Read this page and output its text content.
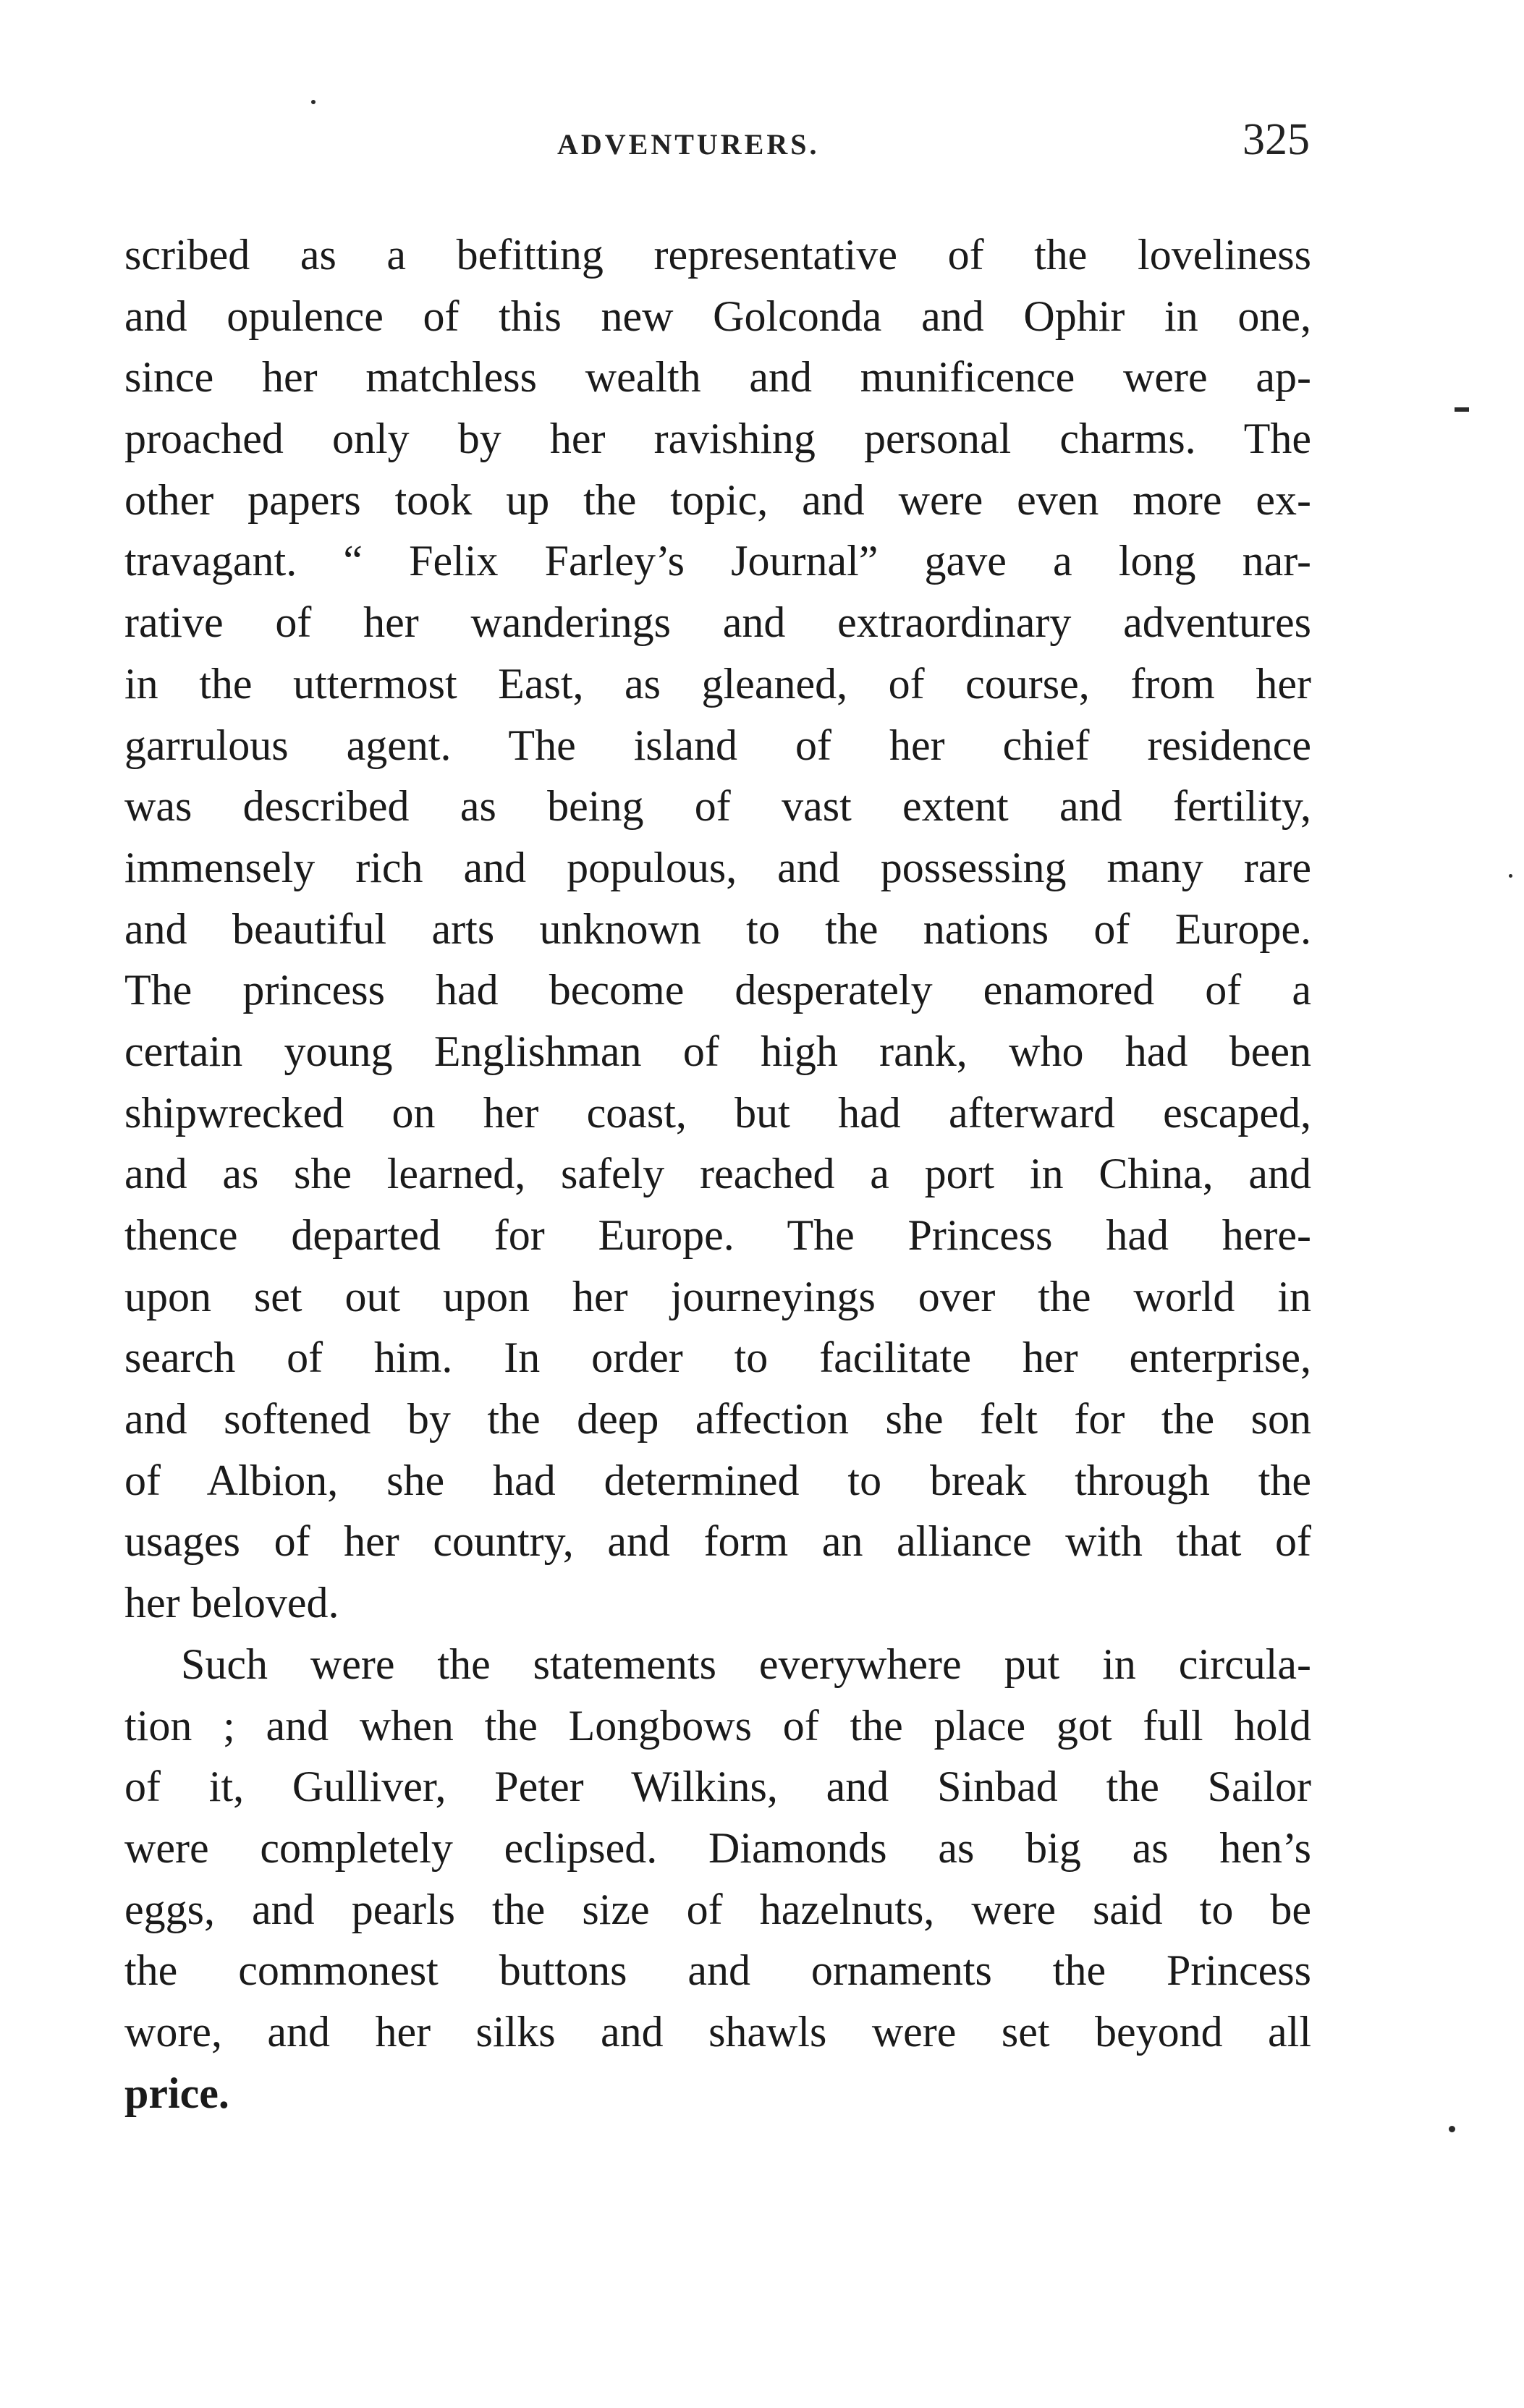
ADVENTURERS.	325
scribed as a befitting representative of the loveliness
and opulence of this new Golconda and Ophir in one,
since her matchless wealth and munificence were ap-
proached only by her ravishing personal charms. The
other papers took up the topic, and were even more ex-
travagant. “ Felix Farley’s Journal” gave a long nar-
rative of her wanderings and extraordinary adventures
in the uttermost East, as gleaned, of course, from her
garrulous agent. The island of her chief residence
was described as being of vast extent and fertility,
immensely rich and populous, and possessing many rare
and beautiful arts unknown to the nations of Europe.
The princess had become desperately enamored of a
certain young Englishman of high rank, who had been
shipwrecked on her coast, but had afterward escaped,
and as she learned, safely reached a port in China, and
thence departed for Europe. The Princess had here-
upon set out upon her journeyings over the world in
search of him. In order to facilitate her enterprise,
and softened by the deep affection she felt for the son
of Albion, she had determined to break through the
usages of her country, and form an alliance with that of
her beloved.
Such were the statements everywhere put in circula-
tion ; and when the Longbows of the place got full hold
of it, Gulliver, Peter Wilkins, and Sinbad the Sailor
were completely eclipsed. Diamonds as big as hen’s
eggs, and pearls the size of hazelnuts, were said to be
the commonest buttons and ornaments the Princess
wore, and her silks and shawls were set beyond all
price.
